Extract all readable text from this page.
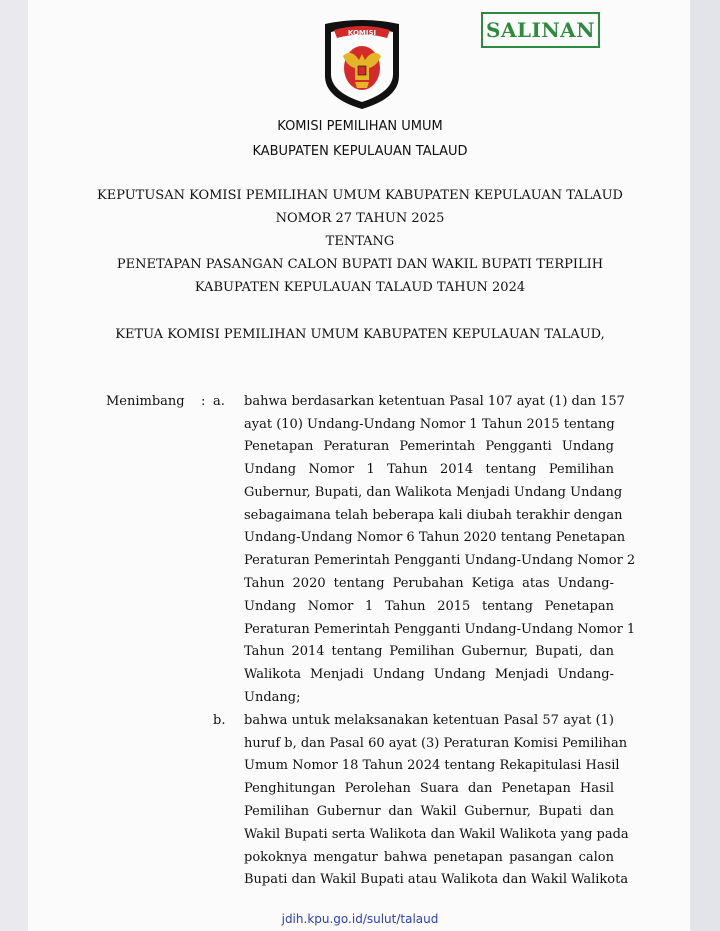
KOMISI	SALINAN
KOMISI PEMILIHAN UMUM
KABUPATEN KEPULAUAN TALAUD
KEPUTUSAN KOMISI PEMILIHAN UMUM KABUPATEN KEPULAUAN TALAUD
NOMOR 27 TAHUN 2025
TENTANG
PENETAPAN PASANGAN CALON BUPATI DAN WAKIL BUPATI TERPILIH
KABUPATEN KEPULAUAN TALAUD TAHUN 2024
KETUA KOMISI PEMILIHAN UMUM KABUPATEN KEPULAUAN TALAUD,
Menimbang : a. bahwa berdasarkan ketentuan Pasal 107 ayat (1) dan 157
ayat (10) Undang-Undang Nomor 1 Tahun 2015 tentang
Penetapan Peraturan Pemerintah Pengganti Undang
Undang Nomor 1 Tahun 2014 tentang Pemilihan
Gubernur, Bupati, dan Walikota Menjadi Undang Undang
sebagaimana telah beberapa kali diubah terakhir dengan
Undang-Undang Nomor 6 Tahun 2020 tentang Penetapan
Peraturan Pemerintah Pengganti Undang-Undang Nomor 2
Tahun 2020 tentang Perubahan Ketiga atas Undang-
Undang Nomor 1 Tahun 2015 tentang Penetapan
Peraturan Pemerintah Pengganti Undang-Undang Nomor 1
Tahun 2014 tentang Pemilihan Gubernur, Bupati, dan
Walikota Menjadi Undang Undang Menjadi Undang-
Undang;
b. bahwa untuk melaksanakan ketentuan Pasal 57 ayat (1)
huruf b, dan Pasal 60 ayat (3) Peraturan Komisi Pemilihan
Umum Nomor 18 Tahun 2024 tentang Rekapitulasi Hasil
Penghitungan Perolehan Suara dan Penetapan Hasil
Pemilihan Gubernur dan Wakil Gubernur, Bupati dan
Wakil Bupati serta Walikota dan Wakil Walikota yang pada
pokoknya mengatur bahwa penetapan pasangan calon
Bupati dan Wakil Bupati atau Walikota dan Wakil Walikota
jdih.kpu.go.id/sulut/talaud
